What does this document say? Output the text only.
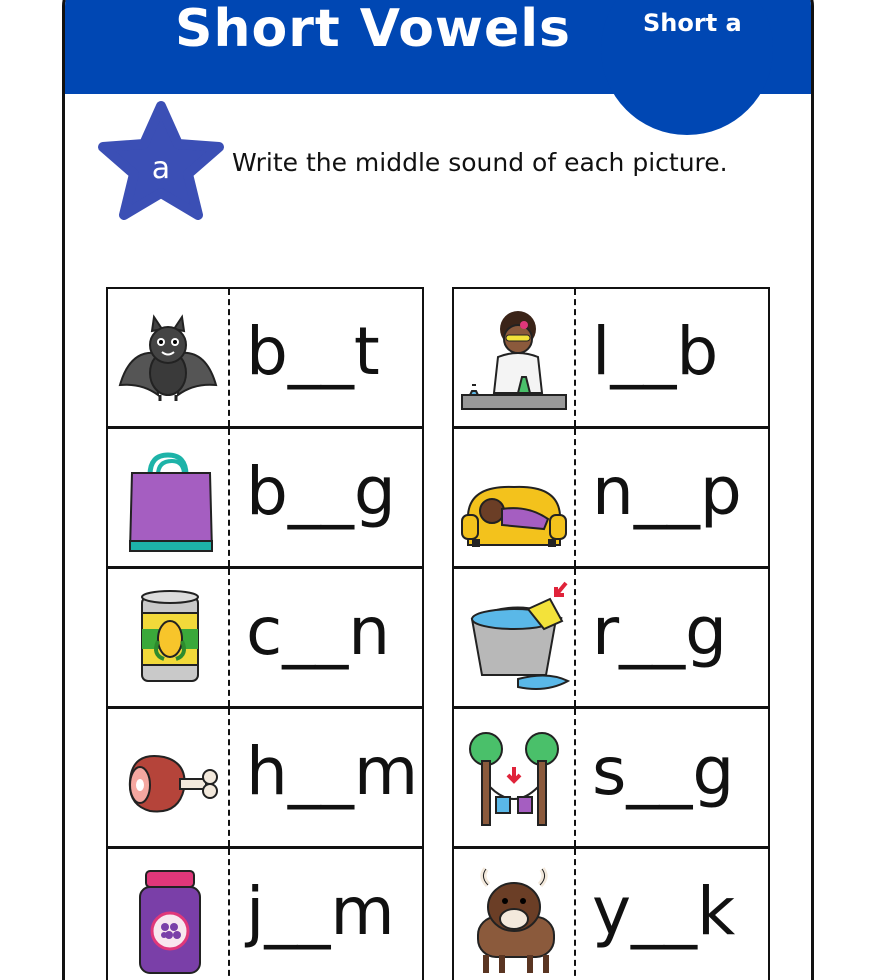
Short Vowels	Short a
a	Write the middle sound of each picture.
b__t
b__g
c__n
h__m
j__m
l__b
n__p
r__g
s__g
y__k
